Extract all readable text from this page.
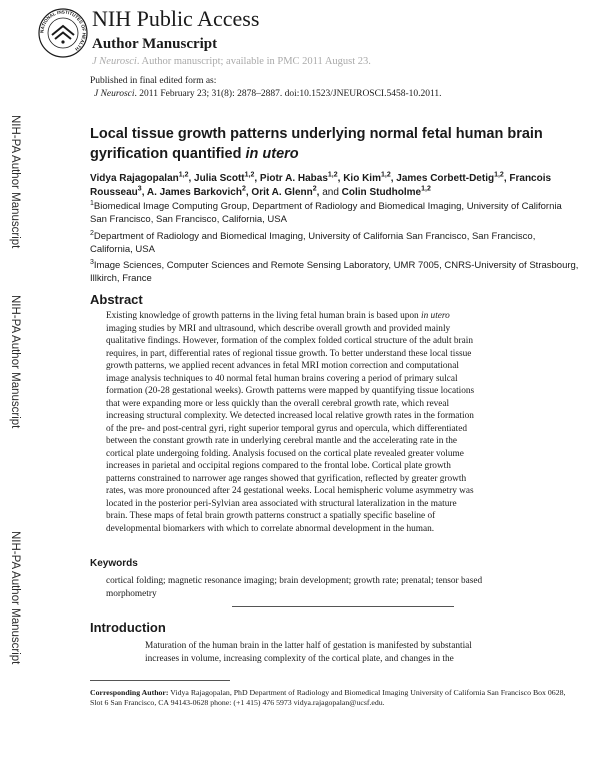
NIH-PA Author Manuscript
NIH-PA Author Manuscript
NIH-PA Author Manuscript
NATIONAL INSTITUTES OF HEALTH
NIH Public Access
Author Manuscript
J Neurosci. Author manuscript; available in PMC 2011 August 23.
Published in final edited form as:
J Neurosci. 2011 February 23; 31(8): 2878–2887. doi:10.1523/JNEUROSCI.5458-10.2011.
Local tissue growth patterns underlying normal fetal human brain gyrification quantified in utero
Vidya Rajagopalan$^{1,2}$, Julia Scott$^{1,2}$, Piotr A. Habas$^{1,2}$, Kio Kim$^{1,2}$, James Corbett-Detig$^{1,2}$, Francois Rousseau$^3$, A. James Barkovich$^2$, Orit A. Glenn$^2$, and Colin Studholme$^{1,2}$
$^1$Biomedical Image Computing Group, Department of Radiology and Biomedical Imaging, University of California San Francisco, San Francisco, California, USA
$^2$Department of Radiology and Biomedical Imaging, University of California San Francisco, San Francisco, California, USA
$^3$Image Sciences, Computer Sciences and Remote Sensing Laboratory, UMR 7005, CNRS-University of Strasbourg, Illkirch, France
Abstract
Existing knowledge of growth patterns in the living fetal human brain is based upon in utero imaging studies by MRI and ultrasound, which describe overall growth and provided mainly qualitative findings. However, formation of the complex folded cortical structure of the adult brain requires, in part, differential rates of regional tissue growth. To better understand these local tissue growth patterns, we applied recent advances in fetal MRI motion correction and computational image analysis techniques to 40 normal fetal human brains covering a period of primary sulcal formation (20-28 gestational weeks). Growth patterns were mapped by quantifying tissue locations that were expanding more or less quickly than the overall cerebral growth rate, which reveal increasing structural complexity. We detected increased local relative growth rates in the formation of the pre- and post-central gyri, right superior temporal gyrus and opercula, which differentiated between the constant growth rate in underlying cerebral mantle and the accelerating rate in the cortical plate undergoing folding. Analysis focused on the cortical plate revealed greater volume increases in parietal and occipital regions compared to the frontal lobe. Cortical plate growth patterns constrained to narrower age ranges showed that gyrification, reflected by greater growth rates, was more pronounced after 24 gestational weeks. Local hemispheric volume asymmetry was located in the posterior peri-Sylvian area associated with structural lateralization in the mature brain. These maps of fetal brain growth patterns construct a spatially specific baseline of developmental biomarkers with which to correlate abnormal development in the human.
Keywords
cortical folding; magnetic resonance imaging; brain development; growth rate; prenatal; tensor based morphometry
Introduction
Maturation of the human brain in the latter half of gestation is manifested by substantial increases in volume, increasing complexity of the cortical plate, and changes in the
Corresponding Author: Vidya Rajagopalan, PhD Department of Radiology and Biomedical Imaging University of California San Francisco Box 0628, Slot 6 San Francisco, CA 94143-0628 phone: (+1 415) 476 5973 vidya.rajagopalan@ucsf.edu.
